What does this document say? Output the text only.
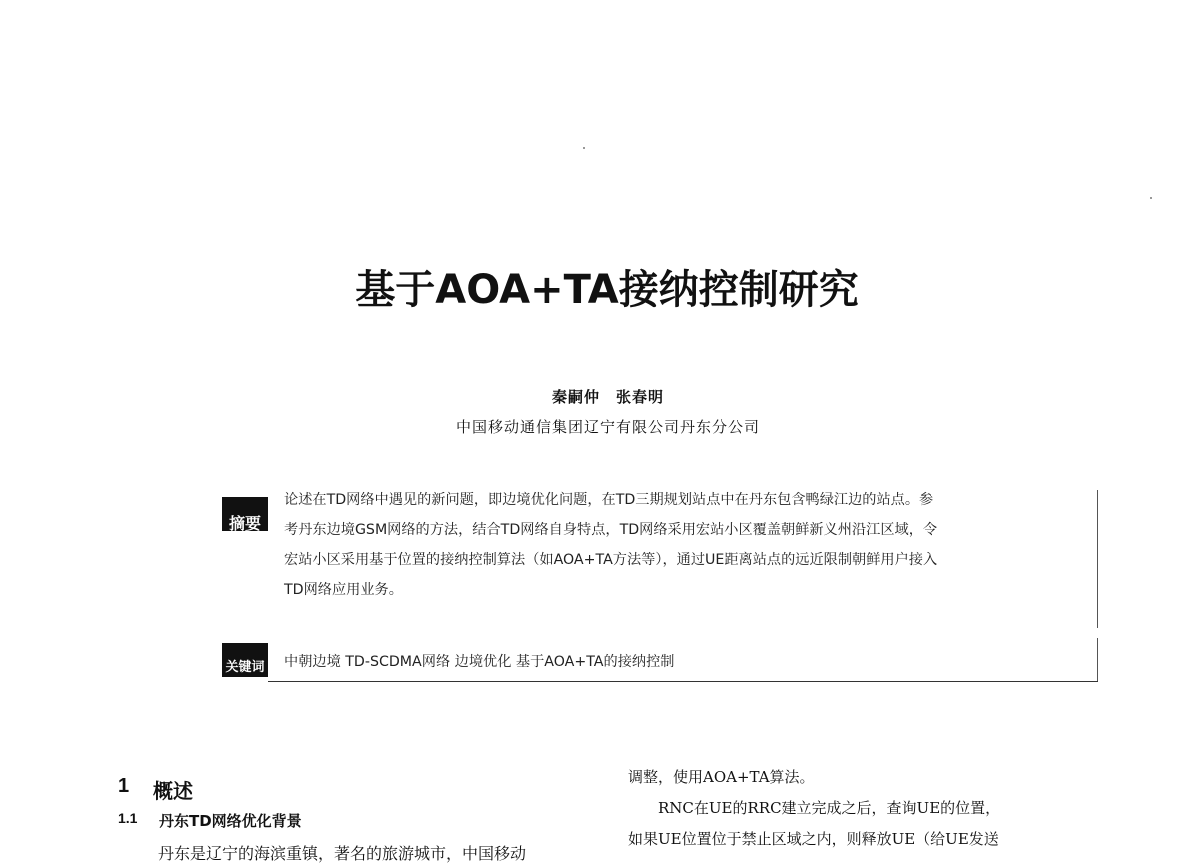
基于AOA+TA接纳控制研究
秦嗣仲　张春明
中国移动通信集团辽宁有限公司丹东分公司
摘要
论述在TD网络中遇见的新问题，即边境优化问题，在TD三期规划站点中在丹东包含鸭绿江边的站点。参
考丹东边境GSM网络的方法，结合TD网络自身特点，TD网络采用宏站小区覆盖朝鲜新义州沿江区域，令
宏站小区采用基于位置的接纳控制算法（如AOA+TA方法等），通过UE距离站点的远近限制朝鲜用户接入
TD网络应用业务。
关键词 中朝边境 TD-SCDMA网络 边境优化 基于AOA+TA的接纳控制
1 概述
1.1 丹东TD网络优化背景
丹东是辽宁的海滨重镇，著名的旅游城市，中国移动
调整，使用AOA+TA算法。
　　RNC在UE的RRC建立完成之后，查询UE的位置，
如果UE位置位于禁止区域之内，则释放UE（给UE发送
